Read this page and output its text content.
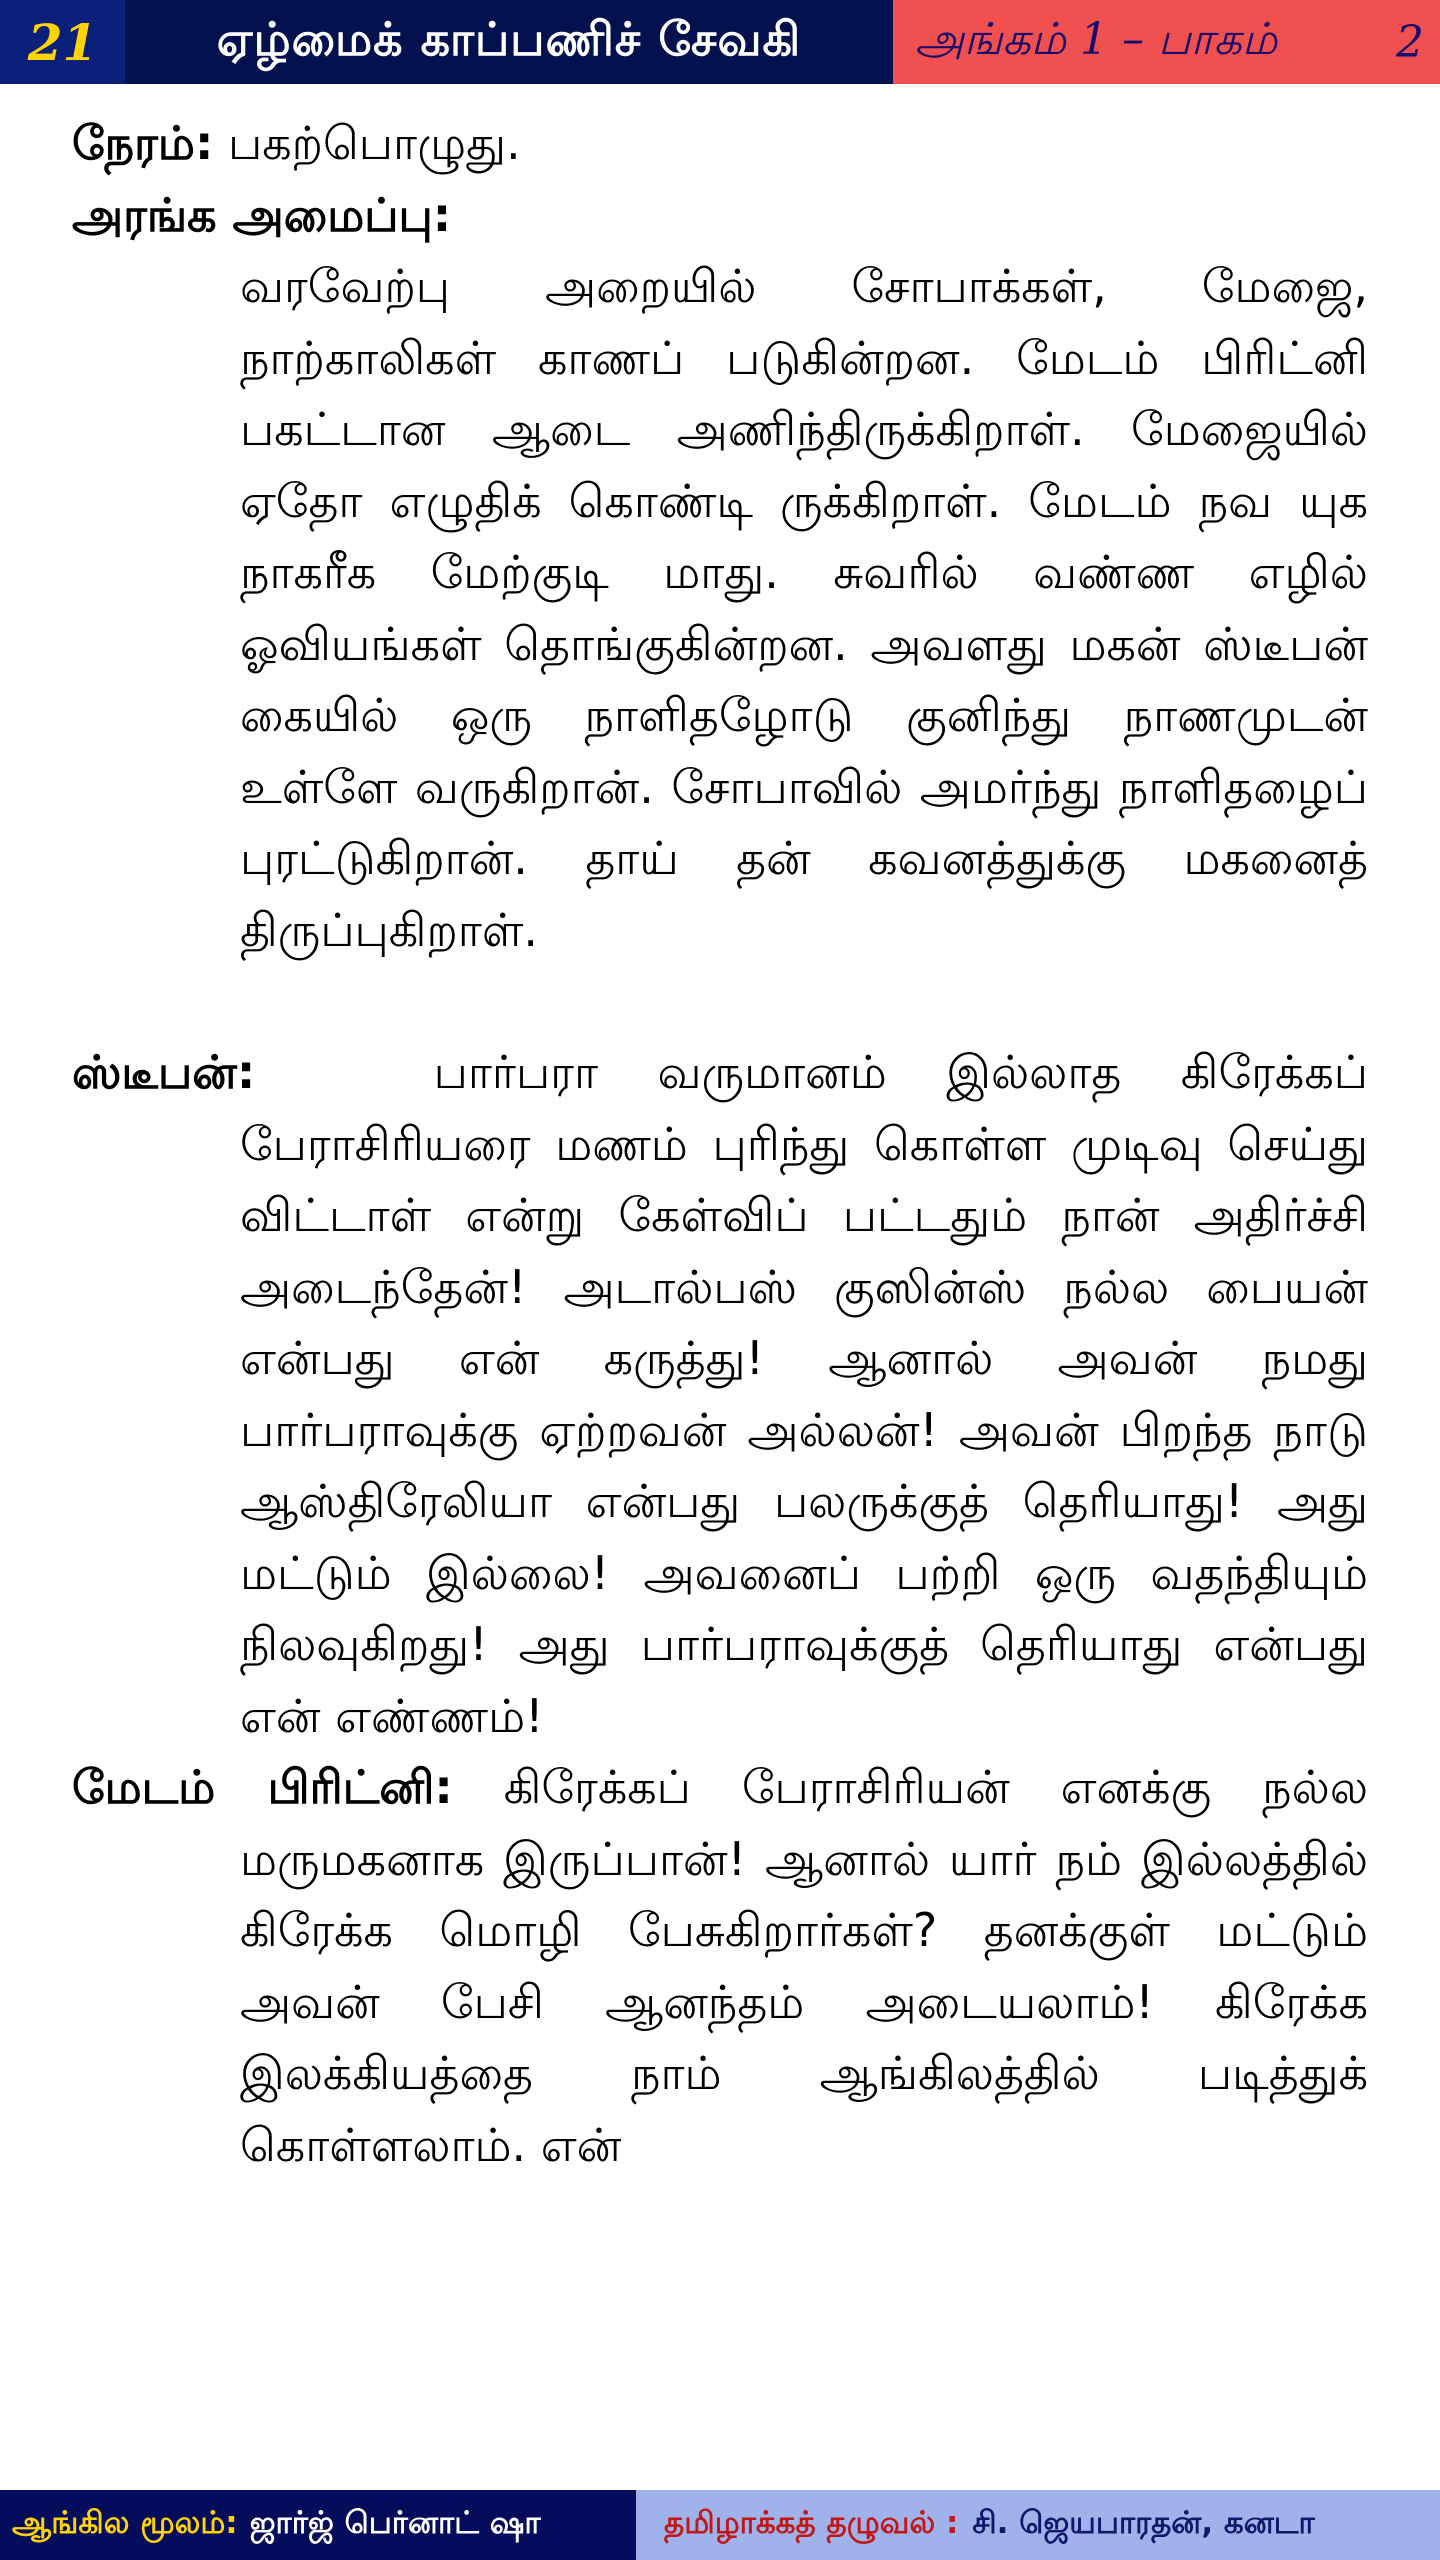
21	ஏழ்மைக் காப்பணிச் சேவகி	அங்கம் 1 – பாகம்	2

நேரம்: பகற்பொழுது.

அரங்க அமைப்பு:

வரவேற்பு அறையில் சோபாக்கள், மேஜை, நாற்காலிகள் காணப் படுகின்றன. மேடம் பிரிட்னி பகட்டான ஆடை அணிந்திருக்கிறாள். மேஜையில் ஏதோ எழுதிக் கொண்டி ருக்கிறாள். மேடம் நவ யுக நாகரீக மேற்குடி மாது. சுவரில் வண்ண எழில் ஓவியங்கள் தொங்குகின்றன. அவளது மகன் ஸ்டீபன் கையில் ஒரு நாளிதழோடு குனிந்து நாணமுடன் உள்ளே வருகிறான். சோபாவில் அமர்ந்து நாளிதழைப் புரட்டுகிறான். தாய் தன் கவனத்துக்கு மகனைத் திருப்புகிறாள்.

ஸ்டீபன்:	பார்பரா வருமானம் இல்லாத கிரேக்கப் பேராசிரியரை மணம் புரிந்து கொள்ள முடிவு செய்து விட்டாள் என்று கேள்விப் பட்டதும் நான் அதிர்ச்சி அடைந்தேன்! அடால்பஸ் குஸின்ஸ் நல்ல பையன் என்பது என் கருத்து! ஆனால் அவன் நமது பார்பராவுக்கு ஏற்றவன் அல்லன்! அவன் பிறந்த நாடு ஆஸ்திரேலியா என்பது பலருக்குத் தெரியாது! அது மட்டும் இல்லை! அவனைப் பற்றி ஒரு வதந்தியும் நிலவுகிறது! அது பார்பராவுக்குத் தெரியாது என்பது என் எண்ணம்!

மேடம் பிரிட்னி: கிரேக்கப் பேராசிரியன் எனக்கு நல்ல மருமகனாக இருப்பான்! ஆனால் யார் நம் இல்லத்தில் கிரேக்க மொழி பேசுகிறார்கள்? தனக்குள் மட்டும் அவன் பேசி ஆனந்தம் அடையலாம்! கிரேக்க இலக்கியத்தை நாம் ஆங்கிலத்தில் படித்துக் கொள்ளலாம். என்

ஆங்கில மூலம்: ஜார்ஜ் பெர்னாட் ஷா	தமிழாக்கத் தழுவல் : சி. ஜெயபாரதன், கனடா
